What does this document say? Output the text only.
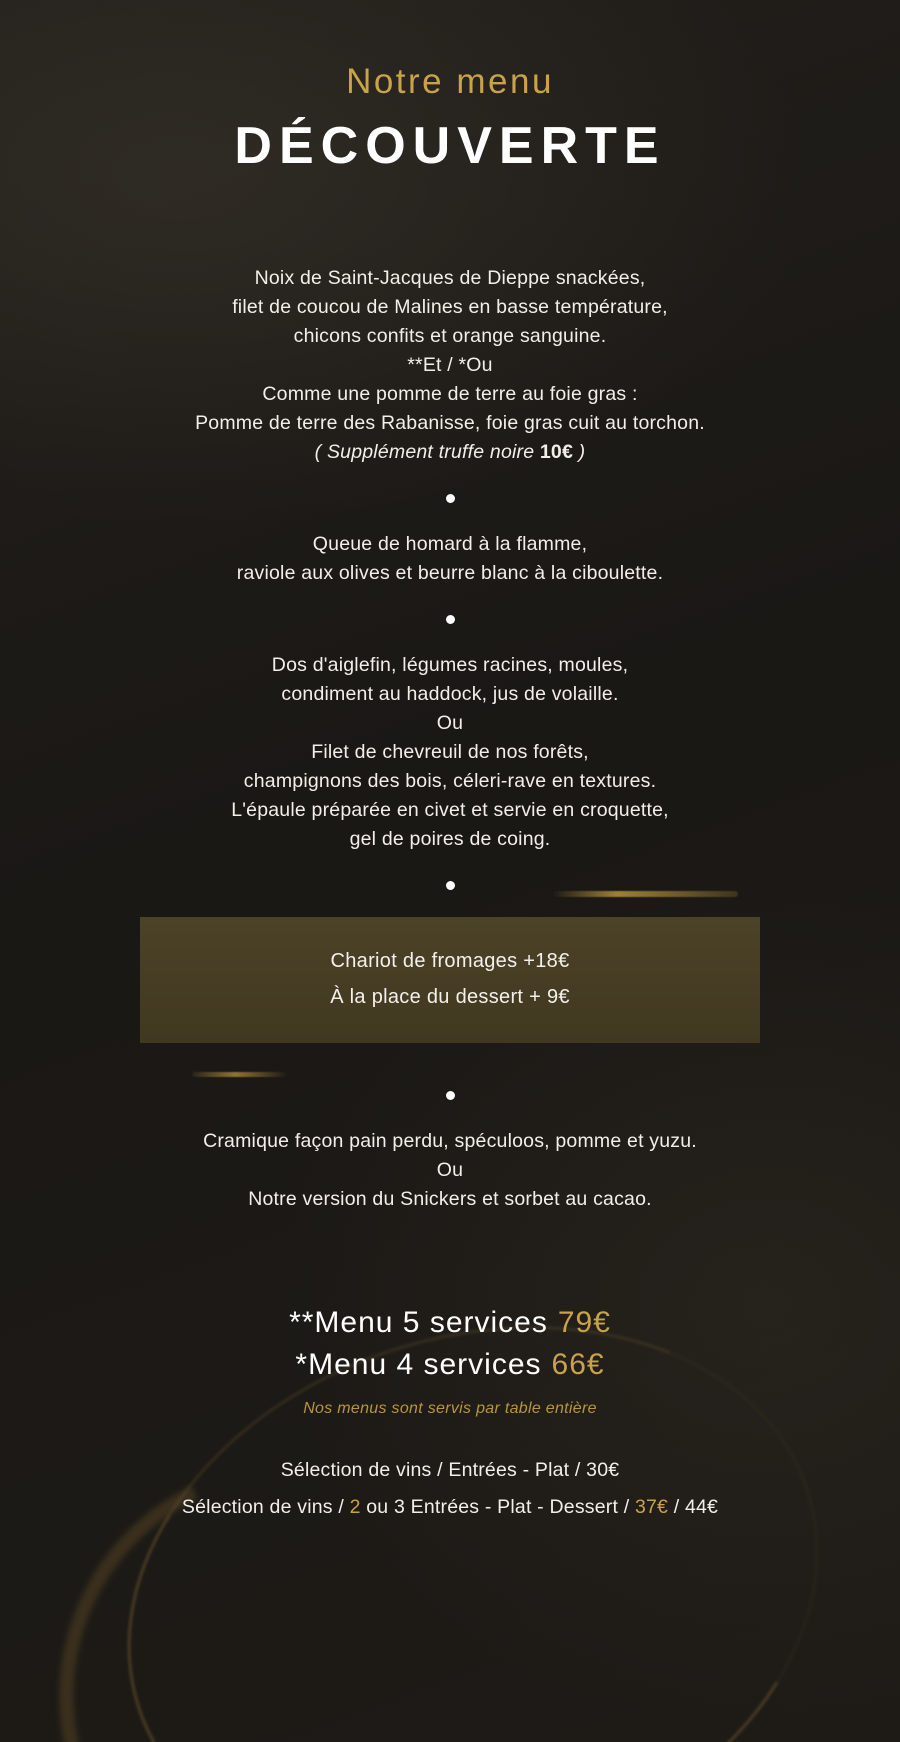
Notre menu
DÉCOUVERTE

Noix de Saint-Jacques de Dieppe snackées,

filet de coucou de Malines en basse température,

chicons confits et orange sanguine.

**Et / *Ou

Comme une pomme de terre au foie gras :

Pomme de terre des Rabanisse, foie gras cuit au torchon.

( Supplément truffe noire 10€ )

Queue de homard à la flamme,

raviole aux olives et beurre blanc à la ciboulette.

Dos d'aiglefin, légumes racines, moules,

condiment au haddock, jus de volaille.

Ou

Filet de chevreuil de nos forêts,

champignons des bois, céleri-rave en textures.

L'épaule préparée en civet et servie en croquette,

gel de poires de coing.

Chariot de fromages +18€

À la place du dessert + 9€

Cramique façon pain perdu, spéculoos, pomme et yuzu.

Ou

Notre version du Snickers et sorbet au cacao.

**Menu 5 services 79€

*Menu 4 services 66€

Nos menus sont servis par table entière

Sélection de vins / Entrées - Plat / 30€

Sélection de vins / 2 ou 3 Entrées - Plat - Dessert / 37€ / 44€
